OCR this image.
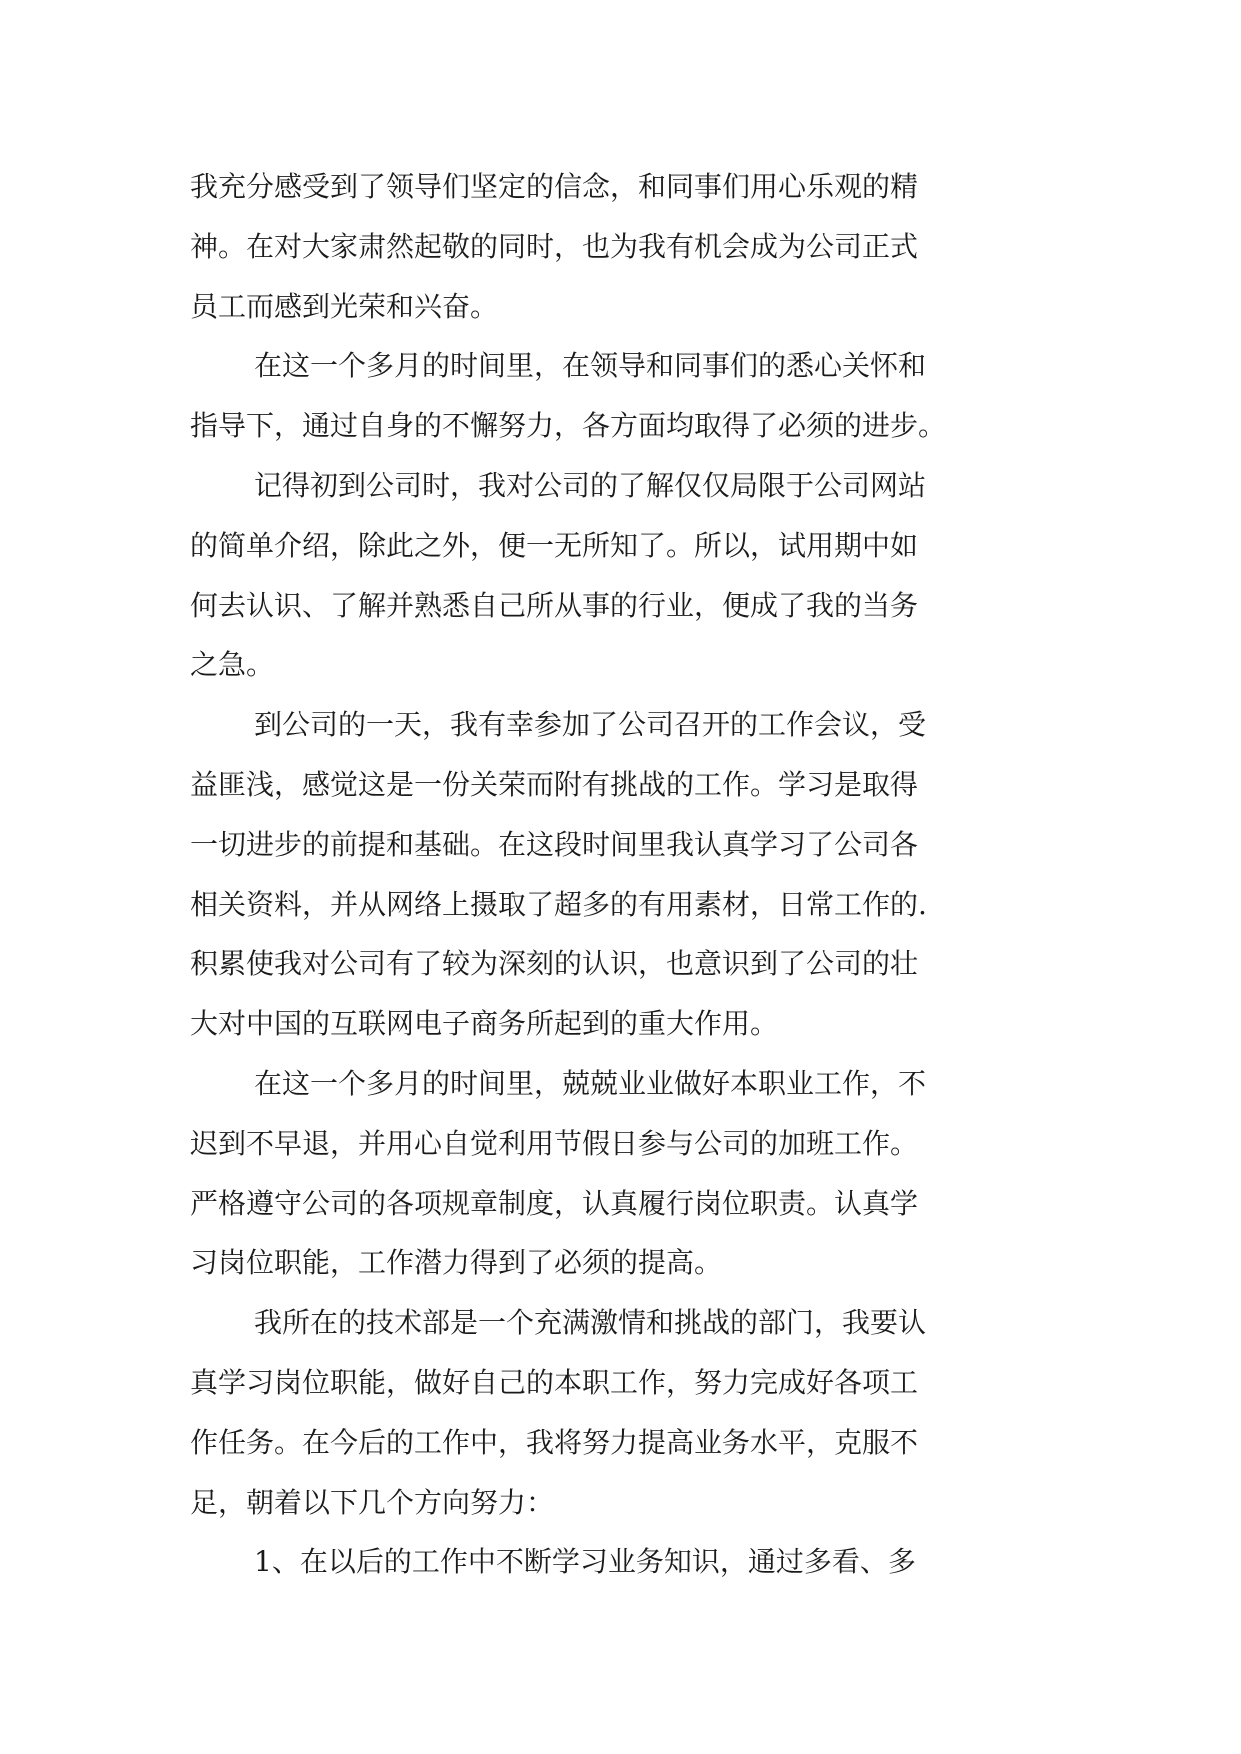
我充分感受到了领导们坚定的信念，和同事们用心乐观的精

神。在对大家肃然起敬的同时，也为我有机会成为公司正式

员工而感到光荣和兴奋。

在这一个多月的时间里，在领导和同事们的悉心关怀和

指导下，通过自身的不懈努力，各方面均取得了必须的进步。

记得初到公司时，我对公司的了解仅仅局限于公司网站

的简单介绍，除此之外，便一无所知了。所以，试用期中如

何去认识、了解并熟悉自己所从事的行业，便成了我的当务

之急。

到公司的一天，我有幸参加了公司召开的工作会议，受

益匪浅，感觉这是一份关荣而附有挑战的工作。学习是取得

一切进步的前提和基础。在这段时间里我认真学习了公司各

相关资料，并从网络上摄取了超多的有用素材，日常工作的.

积累使我对公司有了较为深刻的认识，也意识到了公司的壮

大对中国的互联网电子商务所起到的重大作用。

在这一个多月的时间里，兢兢业业做好本职业工作，不

迟到不早退，并用心自觉利用节假日参与公司的加班工作。

严格遵守公司的各项规章制度，认真履行岗位职责。认真学

习岗位职能，工作潜力得到了必须的提高。

我所在的技术部是一个充满激情和挑战的部门，我要认

真学习岗位职能，做好自己的本职工作，努力完成好各项工

作任务。在今后的工作中，我将努力提高业务水平，克服不

足，朝着以下几个方向努力：

1、在以后的工作中不断学习业务知识，通过多看、多
